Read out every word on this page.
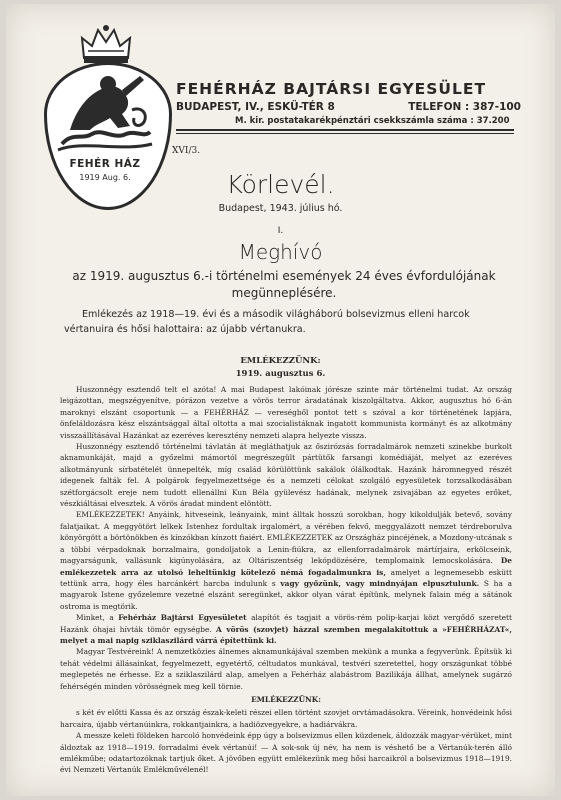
FEHÉR HÁZ
1919 Aug. 6.
FEHÉRHÁZ BAJTÁRSI EGYESÜLET
BUDAPEST, IV., ESKÜ-TÉR 8	TELEFON : 387-100
M. kir. postatakarékpénztári csekkszámla száma : 37.200
XVI/3.
Körlevél.
Budapest, 1943. július hó.
I.
Meghívó
az 1919. augusztus 6.-i történelmi események 24 éves évfordulójának megünneplésére.
Emlékezés az 1918—19. évi és a második világháború bolsevizmus elleni harcok vértanuira és hősi halottaira: az újabb vértanukra.
EMLÉKEZZÜNK:
1919. augusztus 6.

Huszonnégy esztendő telt el azóta! A mai Budapest lakóinak jórésze szinte már történelmi tudat. Az ország leigázottan, megszégyenítve, pórázon vezetve a vörös terror áradatának kiszolgáltatva. Akkor, augusztus hó 6-án maroknyi elszánt csoportunk — a FEHÉRHÁZ — vereségből pontot tett s szóval a kor történetének lapjára, önfeláldozásra kész elszántsággal által oltotta a mai szocialistáknak ingatott kommunista kormányt és az alkotmány visszaállításával Hazánkat az ezeréves keresztény nemzeti alapra helyezte vissza.

Huszonnégy esztendő történelmi távlatán át megláthatjuk az őszirózsás forradalmárok nemzeti szinekbe burkolt aknamunkáját, majd a győzelmi mámortól megrészegült pártütők farsangi komédiáját, melyet az ezeréves alkotmányunk sírbatételét ünnepelték, míg család körülöttünk sakálok ólálkodtak. Hazánk háromnegyed részét idegenek falták fel. A polgárok fegyelmezettsége és a nemzeti célokat szolgáló egyesületek torzsalkodásában szétforgácsolt ereje nem tudott ellenállni Kun Béla gyülevész hadának, melynek zsivajában az egyetes erőket, vészkiáltásai elvesztek. A vörös áradat mindent elöntött.

EMLÉKEZZETEK! Anyáink, hitveseink, leányaink, mint álltak hosszú sorokban, hogy kikoldulják betevő, sovány falatjaikat. A meggyötört lelkek Istenhez fordultak irgalomért, a vérében fekvő, meggyalázott nemzet térdreborulva könyörgött a börtönökben és kínzókban kínzott fiaiért. EMLÉKEZZETEK az Országház pincéjének, a Mozdony-utcának s a többi vérpadoknak borzalmaira, gondoljatok a Lenin-fiúkra, az ellenforradalmárok mártírjaira, erkölcseink, magyarságunk, vallásunk kigúnyolására, az Oltáriszentség lekópdözésére, templomaink lemocskolására. De emlékezzetek arra az utolsó leheltünkig kötelező némá fogadalmunkra is, amelyet a legnemesebb eskütt tettünk arra, hogy éles harcánkért harcba indulunk s vagy győzünk, vagy mindnyájan elpusztulunk. S ha a magyarok Istene győzelemre vezetné elszánt seregünket, akkor olyan várat építünk, melynek falain még a sátánok ostroma is megtörik.

Minket, a Fehérház Bajtársi Egyesületet alapítót és tagjait a vörös-rém polip-karjai közt vergődő szeretett Hazánk óhajai hívták tömör egységbe. A vörös (szovjet) házzal szemben megalakítottuk a »FEHÉRHÁZAT«, melyet a mai napig sziklaszilárd várrá építettünk ki.

Magyar Testvéreink! A nemzetközies álnemes aknamunkájával szemben mekünk a munka a fegyverünk. Építsük ki tehát védelmi állásainkat, fegyelmezett, egyetértő, céltudatos munkával, testvéri szeretettel, hogy országunkat többé meglepetés ne érhesse. Ez a sziklaszilárd alap, amelyen a Fehérház alabástrom Bazilikája állhat, amelynek sugárzó fehérségén minden vörösségnek meg kell törnie.

EMLÉKEZZÜNK:

s két év előtti Kassa és az ország észak-keleti részei ellen történt szovjet orvtámadásokra. Véreink, honvédeink hősi harcaira, újabb vértanúinkra, rokkantjainkra, a hadiözvegyekre, a hadiárvákra.

A messze keleti földeken harcoló honvédeink épp úgy a bolsevizmus ellen küzdenek, áldozzák magyar-vérüket, mint áldoztak az 1918—1919. forradalmi évek vértanúi! — A sok-sok új név, ha nem is véshető be a Vértanúk-terén álló emlékműbe; odatartozóknak tartjuk őket. A jövőben együtt emlékezünk meg hősi harcaikról a bolsevizmus 1918—1919. évi Nemzeti Vértanúk Emlékművélenél!
